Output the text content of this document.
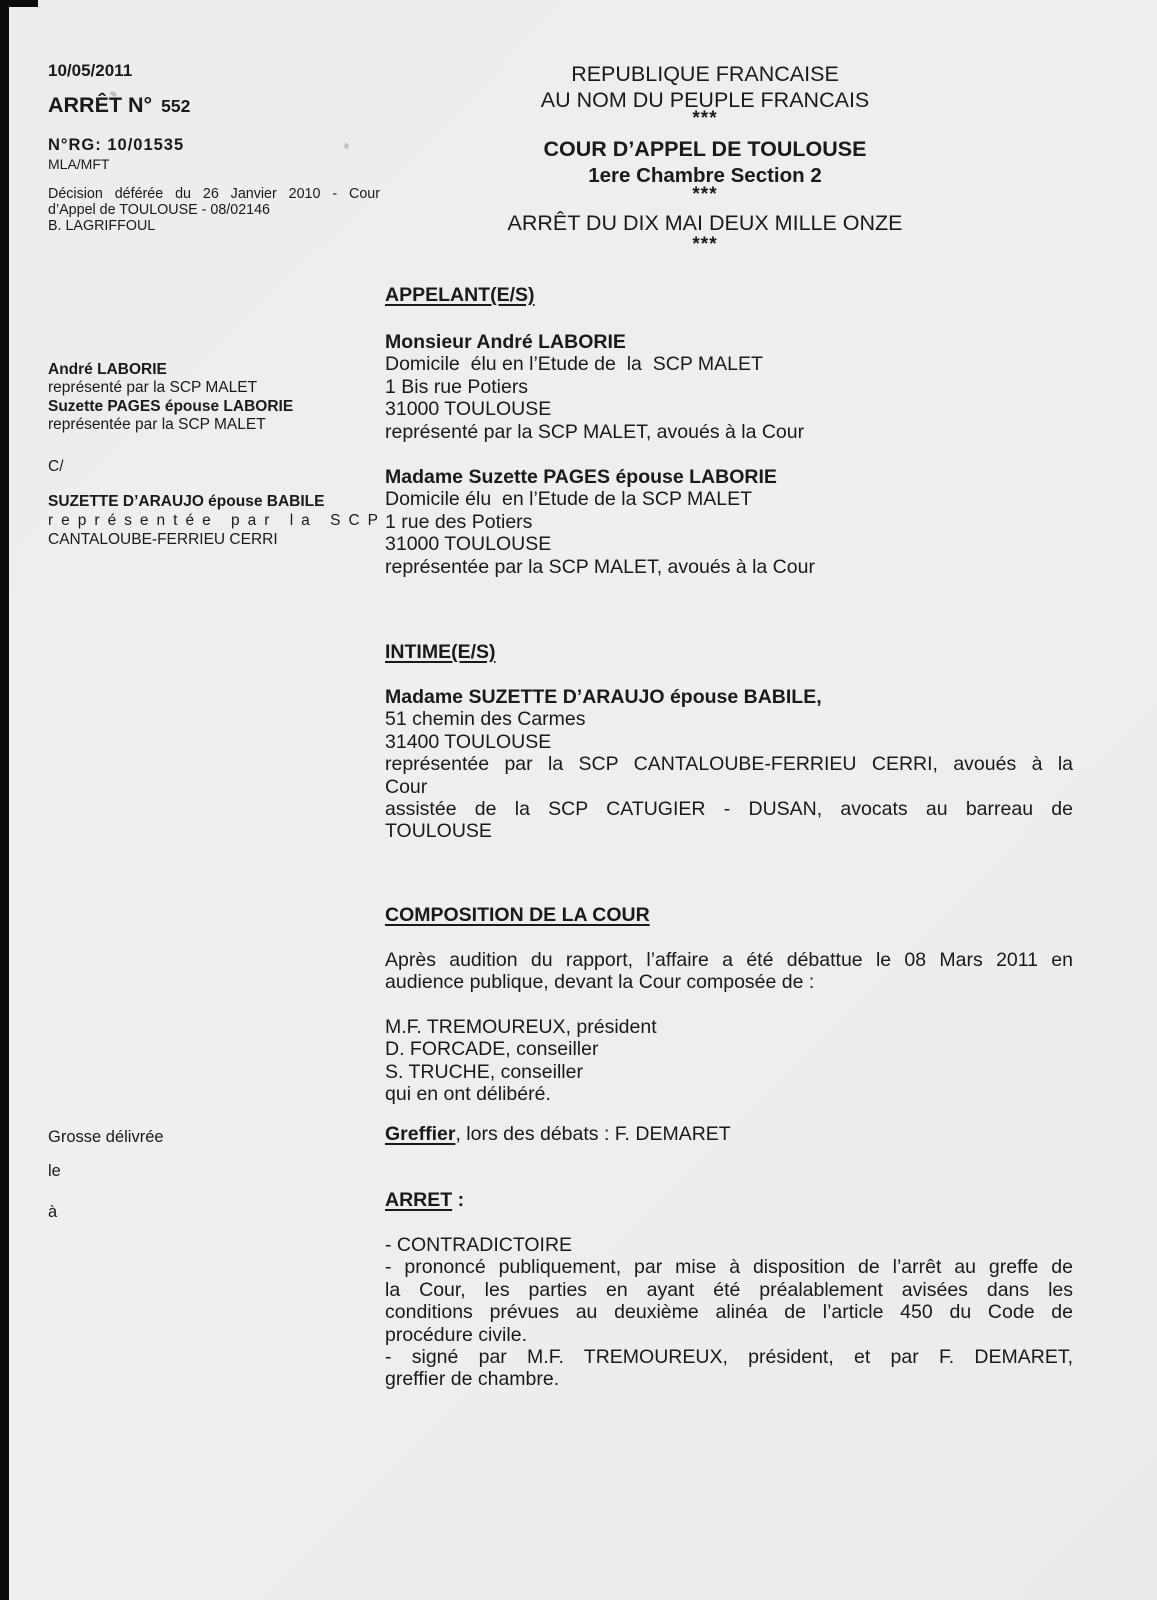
10/05/2011
ARRÊT N° 552
N°RG: 10/01535
MLA/MFT
Décision déférée du 26 Janvier 2010 - Cour
d’Appel de TOULOUSE - 08/02146
B. LAGRIFFOUL
REPUBLIQUE FRANCAISE
AU NOM DU PEUPLE FRANCAIS
***
COUR D’APPEL DE TOULOUSE
1ere Chambre Section 2
***
ARRÊT DU DIX MAI DEUX MILLE ONZE
***
André LABORIE
représenté par la SCP MALET
Suzette PAGES épouse LABORIE
représentée par la SCP MALET
C/
SUZETTE D’ARAUJO épouse BABILE
représentée par la SCP
CANTALOUBE-FERRIEU CERRI
Grosse délivrée
le
à
APPELANT(E/S)
Monsieur André LABORIE
Domicile  élu en l’Etude de  la  SCP MALET
1 Bis rue Potiers
31000 TOULOUSE
représenté par la SCP MALET, avoués à la Cour
Madame Suzette PAGES épouse LABORIE
Domicile élu  en l’Etude de la SCP MALET
1 rue des Potiers
31000 TOULOUSE
représentée par la SCP MALET, avoués à la Cour
INTIME(E/S)
Madame SUZETTE D’ARAUJO épouse BABILE,
51 chemin des Carmes
31400 TOULOUSE
représentée par la SCP CANTALOUBE-FERRIEU CERRI, avoués à la
Cour
assistée de la SCP CATUGIER - DUSAN, avocats au barreau de
TOULOUSE
COMPOSITION DE LA COUR
Après audition du rapport, l’affaire a été débattue le 08 Mars 2011 en
audience publique, devant la Cour composée de :
M.F. TREMOUREUX, président
D. FORCADE, conseiller
S. TRUCHE, conseiller
qui en ont délibéré.
Greffier, lors des débats : F. DEMARET
ARRET :
- CONTRADICTOIRE
- prononcé publiquement, par mise à disposition de l’arrêt au greffe de
la Cour, les parties en ayant été préalablement avisées dans les
conditions prévues au deuxième alinéa de l’article 450 du Code de
procédure civile.
- signé par M.F. TREMOUREUX, président, et par F. DEMARET,
greffier de chambre.
